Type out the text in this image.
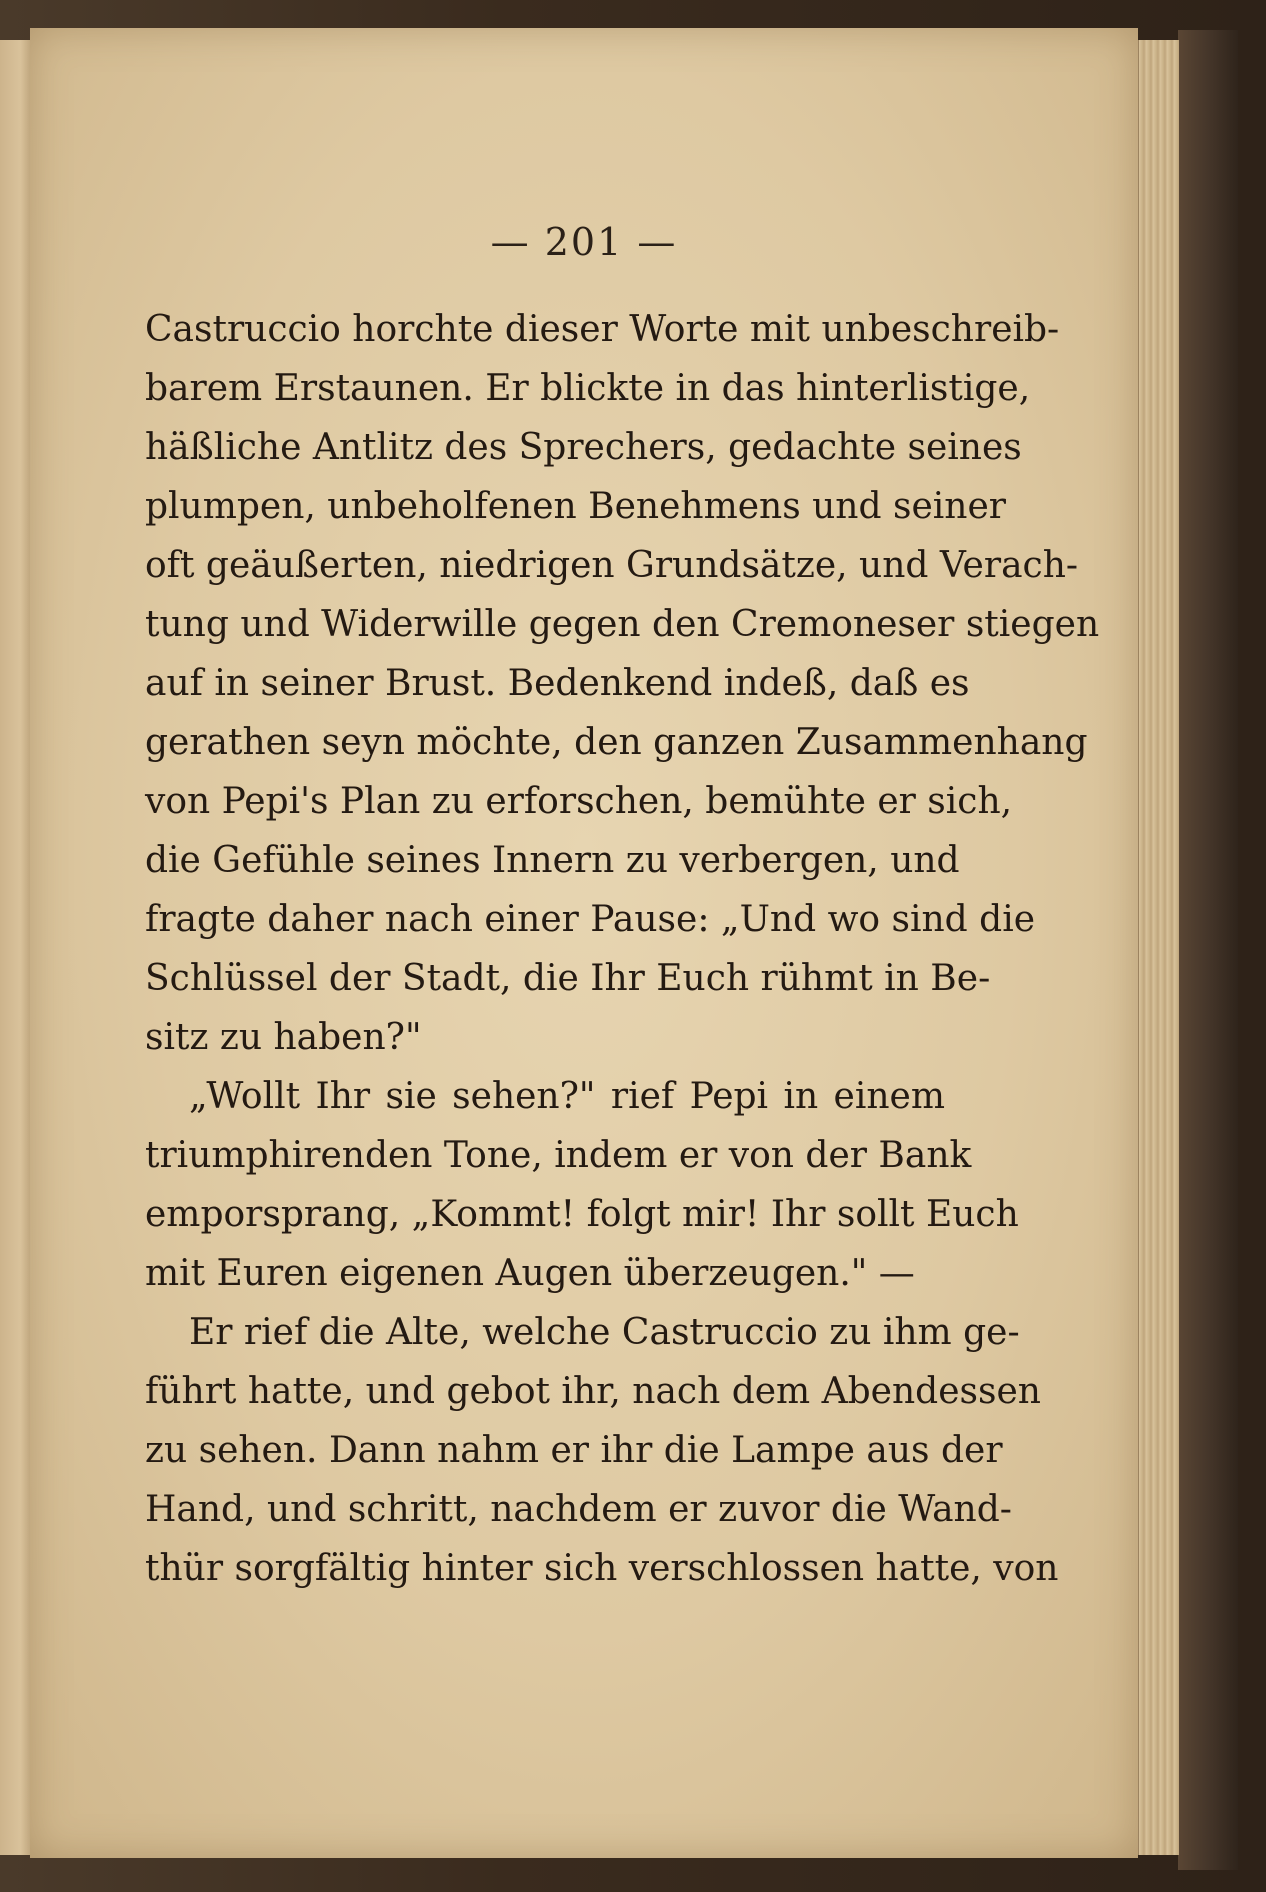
— 201 —
Castruccio horchte dieser Worte mit unbeschreib-
barem Erstaunen. Er blickte in das hinterlistige,
häßliche Antlitz des Sprechers, gedachte seines
plumpen, unbeholfenen Benehmens und seiner
oft geäußerten, niedrigen Grundsätze, und Verach-
tung und Widerwille gegen den Cremoneser stiegen
auf in seiner Brust. Bedenkend indeß, daß es
gerathen seyn möchte, den ganzen Zusammenhang
von Pepi's Plan zu erforschen, bemühte er sich,
die Gefühle seines Innern zu verbergen, und
fragte daher nach einer Pause: „Und wo sind die
Schlüssel der Stadt, die Ihr Euch rühmt in Be-
sitz zu haben?"
„Wollt Ihr sie sehen?" rief Pepi in einem
triumphirenden Tone, indem er von der Bank
emporsprang, „Kommt! folgt mir! Ihr sollt Euch
mit Euren eigenen Augen überzeugen." —
Er rief die Alte, welche Castruccio zu ihm ge-
führt hatte, und gebot ihr, nach dem Abendessen
zu sehen. Dann nahm er ihr die Lampe aus der
Hand, und schritt, nachdem er zuvor die Wand-
thür sorgfältig hinter sich verschlossen hatte, von
